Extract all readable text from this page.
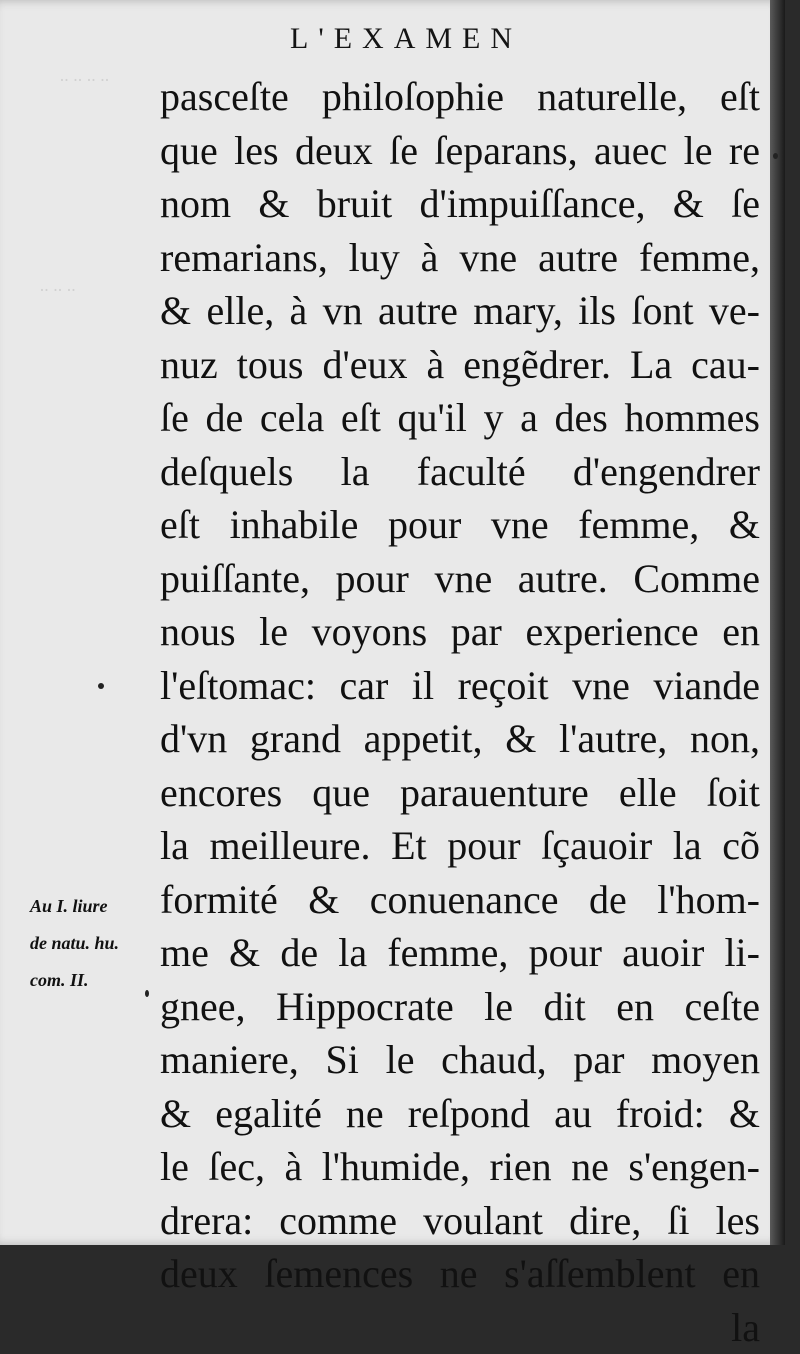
·· ·· ·· ··
·· ·· ··
L'EXAMEN
pasceſte philoſophie naturelle, eſt
que les deux ſe ſeparans, auec le re
nom & bruit d'impuiſſance, & ſe
remarians, luy à vne autre femme,
& elle, à vn autre mary, ils ſont ve-
nuz tous d'eux à engẽdrer. La cau-
ſe de cela eſt qu'il y a des hommes
deſquels la faculté d'engendrer
eſt inhabile pour vne femme, &
puiſſante, pour vne autre. Comme
nous le voyons par experience en
l'eſtomac: car il reçoit vne viande
d'vn grand appetit, & l'autre, non,
encores que parauenture elle ſoit
la meilleure. Et pour ſçauoir la cõ
formité & conuenance de l'hom-
me & de la femme, pour auoir li-
gnee, Hippocrate le dit en ceſte
maniere, Si le chaud, par moyen
& egalité ne reſpond au froid: &
le ſec, à l'humide, rien ne s'engen-
drera: comme voulant dire, ſi les
deux ſemences ne s'aſſemblent en
la
Au I. liure
de natu. hu.
com. II.
